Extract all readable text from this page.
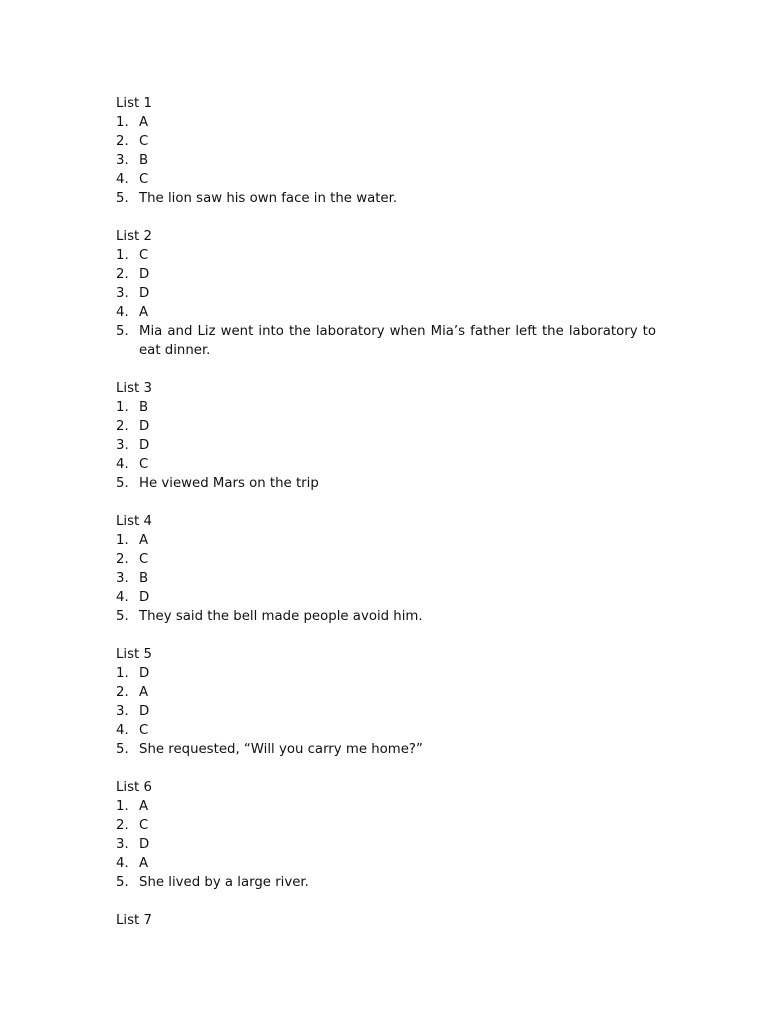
List 1
1. A
2. C
3. B
4. C
5. The lion saw his own face in the water.
List 2
1. C
2. D
3. D
4. A
5. Mia and Liz went into the laboratory when Mia’s father left the laboratory to eat dinner.
List 3
1. B
2. D
3. D
4. C
5. He viewed Mars on the trip
List 4
1. A
2. C
3. B
4. D
5. They said the bell made people avoid him.
List 5
1. D
2. A
3. D
4. C
5. She requested, “Will you carry me home?”
List 6
1. A
2. C
3. D
4. A
5. She lived by a large river.
List 7
